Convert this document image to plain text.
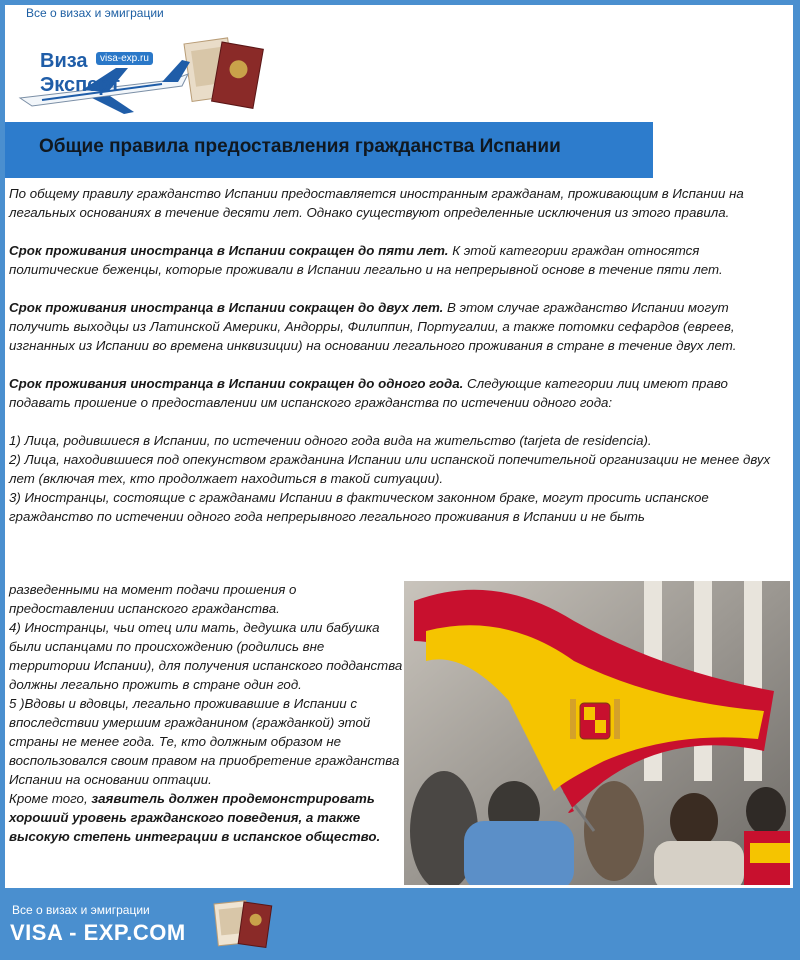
Все о визах и эмиграции
Виза
Эксперт
visa-exp.ru
Общие правила предоставления гражданства Испании

По общему правилу гражданство Испании предоставляется иностранным гражданам, проживающим в Испании на легальных основаниях в течение десяти лет. Однако существуют определенные исключения из этого правила.

Срок проживания иностранца в Испании сокращен до пяти лет. К этой категории граждан относятся политические беженцы, которые проживали в Испании легально и на непрерывной основе в течение пяти лет.

Срок проживания иностранца в Испании сокращен до двух лет. В этом случае гражданство Испании могут получить выходцы из Латинской Америки, Андорры, Филиппин, Португалии, а также потомки сефардов (евреев, изгнанных из Испании во времена инквизиции) на основании легального проживания в стране в течение двух лет.

Срок проживания иностранца в Испании сокращен до одного года. Следующие категории лиц имеют право подавать прошение о предоставлении им испанского гражданства по истечении одного года:

1) Лица, родившиеся в Испании, по истечении одного года вида на жительство (tarjeta de residencia).

2) Лица, находившиеся под опекунством гражданина Испании или испанской попечительной организации не менее двух лет (включая тех, кто продолжает находиться в такой ситуации).

3) Иностранцы, состоящие с гражданами Испании в фактическом законном браке, могут просить испанское гражданство по истечении одного года непрерывного легального проживания в Испании и не быть

разведенными на момент подачи прошения о предоставлении испанского гражданства.

4) Иностранцы, чьи отец или мать, дедушка или бабушка были испанцами по происхождению (родились вне территории Испании), для получения испанского подданства должны легально прожить в стране один год.

5 )Вдовы и вдовцы, легально проживавшие в Испании с впоследствии умершим гражданином (гражданкой) этой страны не менее года. Те, кто должным образом не воспользовался своим правом на приобретение гражданства Испании на основании оптации.

Кроме того, заявитель должен продемонстрировать хороший уровень гражданского поведения, а также высокую степень интеграции в испанское общество.

Все о визах и эмиграции
VISA - EXP.COM
